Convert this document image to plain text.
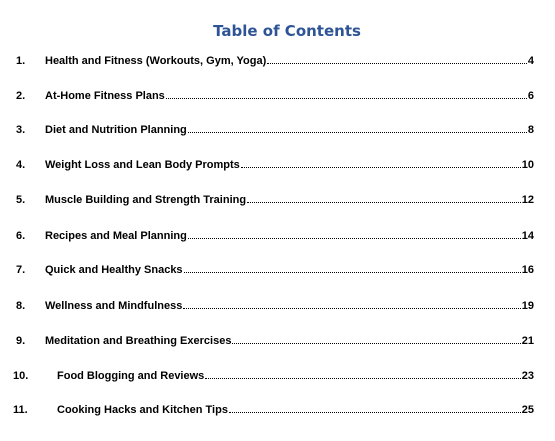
Table of Contents
1. Health and Fitness (Workouts, Gym, Yoga)	4
2. At-Home Fitness Plans	6
3. Diet and Nutrition Planning	8
4. Weight Loss and Lean Body Prompts	10
5. Muscle Building and Strength Training	12
6. Recipes and Meal Planning	14
7. Quick and Healthy Snacks	16
8. Wellness and Mindfulness	19
9. Meditation and Breathing Exercises	21
10.	Food Blogging and Reviews	23
11.	Cooking Hacks and Kitchen Tips	25
